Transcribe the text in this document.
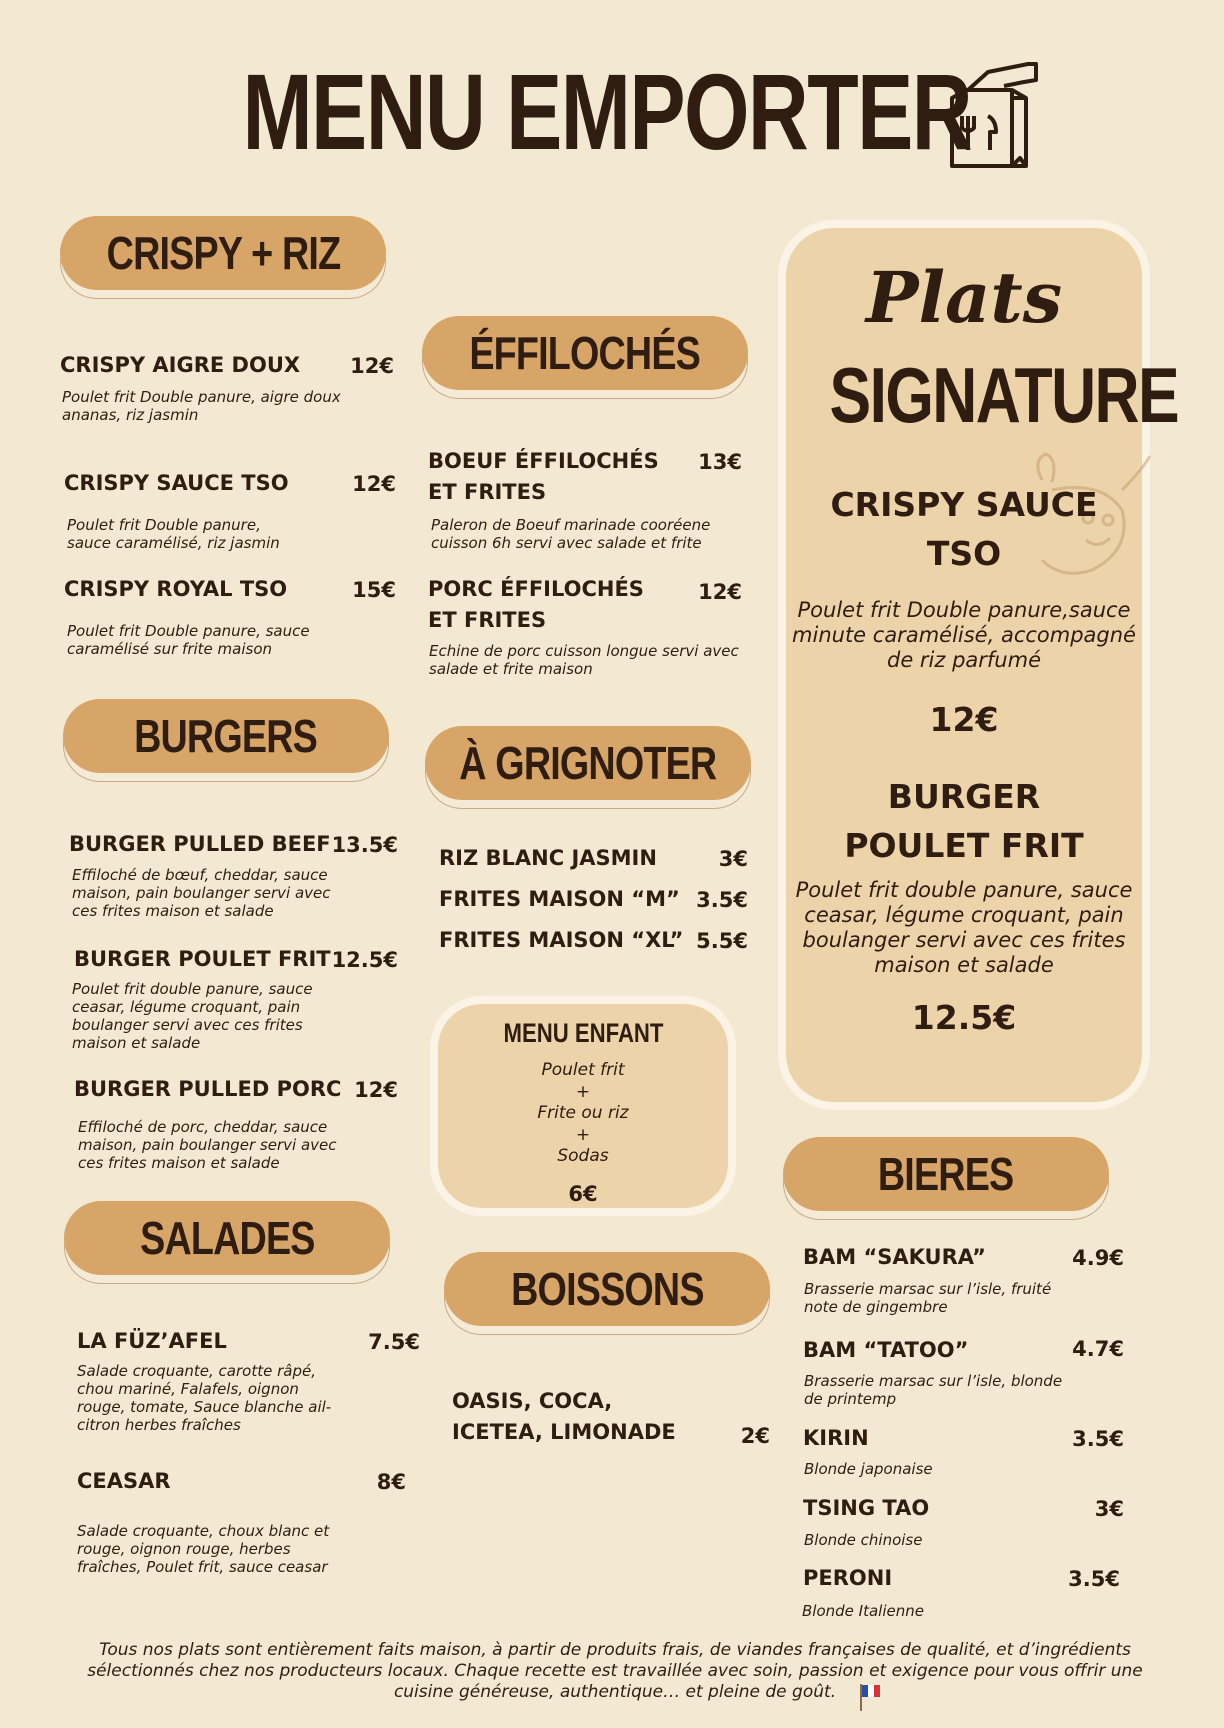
MENU EMPORTER
CRISPY + RIZ
CRISPY AIGRE DOUX	12€
Poulet frit Double panure, aigre doux ananas, riz jasmin
CRISPY SAUCE TSO	12€
Poulet frit Double panure, sauce caramélisé, riz jasmin
CRISPY ROYAL TSO	15€
Poulet frit Double panure, sauce caramélisé sur frite maison
BURGERS
BURGER PULLED BEEF 13.5€
Effiloché de bœuf, cheddar, sauce maison, pain boulanger servi avec ces frites maison et salade
BURGER POULET FRIT 12.5€
Poulet frit double panure, sauce ceasar, légume croquant, pain boulanger servi avec ces frites maison et salade
BURGER PULLED PORC 12€
Effiloché de porc, cheddar, sauce maison, pain boulanger servi avec ces frites maison et salade
SALADES
LA FÜZ’AFEL	7.5€
Salade croquante, carotte râpé, chou mariné, Falafels, oignon rouge, tomate, Sauce blanche ail-citron herbes fraîches
CEASAR	8€
Salade croquante, choux blanc et rouge, oignon rouge, herbes fraîches, Poulet frit, sauce ceasar
ÉFFILOCHÉS
BOEUF ÉFFILOCHÉS ET FRITES
13€
Paleron de Boeuf marinade cooréene cuisson 6h servi avec salade et frite
PORC ÉFFILOCHÉS ET FRITES
12€
Echine de porc cuisson longue servi avec salade et frite maison
À GRIGNOTER
RIZ BLANC JASMIN	3€
FRITES MAISON “M” 3.5€
FRITES MAISON “XL” 5.5€
MENU ENFANT
Poulet frit
+
Frite ou riz
+
Sodas
6€
BOISSONS
OASIS, COCA, ICETEA, LIMONADE	2€
Plats
SIGNATURE
CRISPY SAUCE TSO
Poulet frit Double panure,sauce minute caramélisé, accompagné de riz parfumé
12€
BURGER POULET FRIT
Poulet frit double panure, sauce ceasar, légume croquant, pain boulanger servi avec ces frites maison et salade
12.5€
BIERES
BAM “SAKURA”	4.9€
Brasserie marsac sur l’isle, fruité note de gingembre
BAM “TATOO”	4.7€
Brasserie marsac sur l’isle, blonde de printemp
KIRIN	3.5€
Blonde japonaise
TSING TAO	3€
Blonde chinoise
PERONI	3.5€
Blonde Italienne
Tous nos plats sont entièrement faits maison, à partir de produits frais, de viandes françaises de qualité, et d’ingrédients sélectionnés chez nos producteurs locaux. Chaque recette est travaillée avec soin, passion et exigence pour vous offrir une cuisine généreuse, authentique… et pleine de goût.
